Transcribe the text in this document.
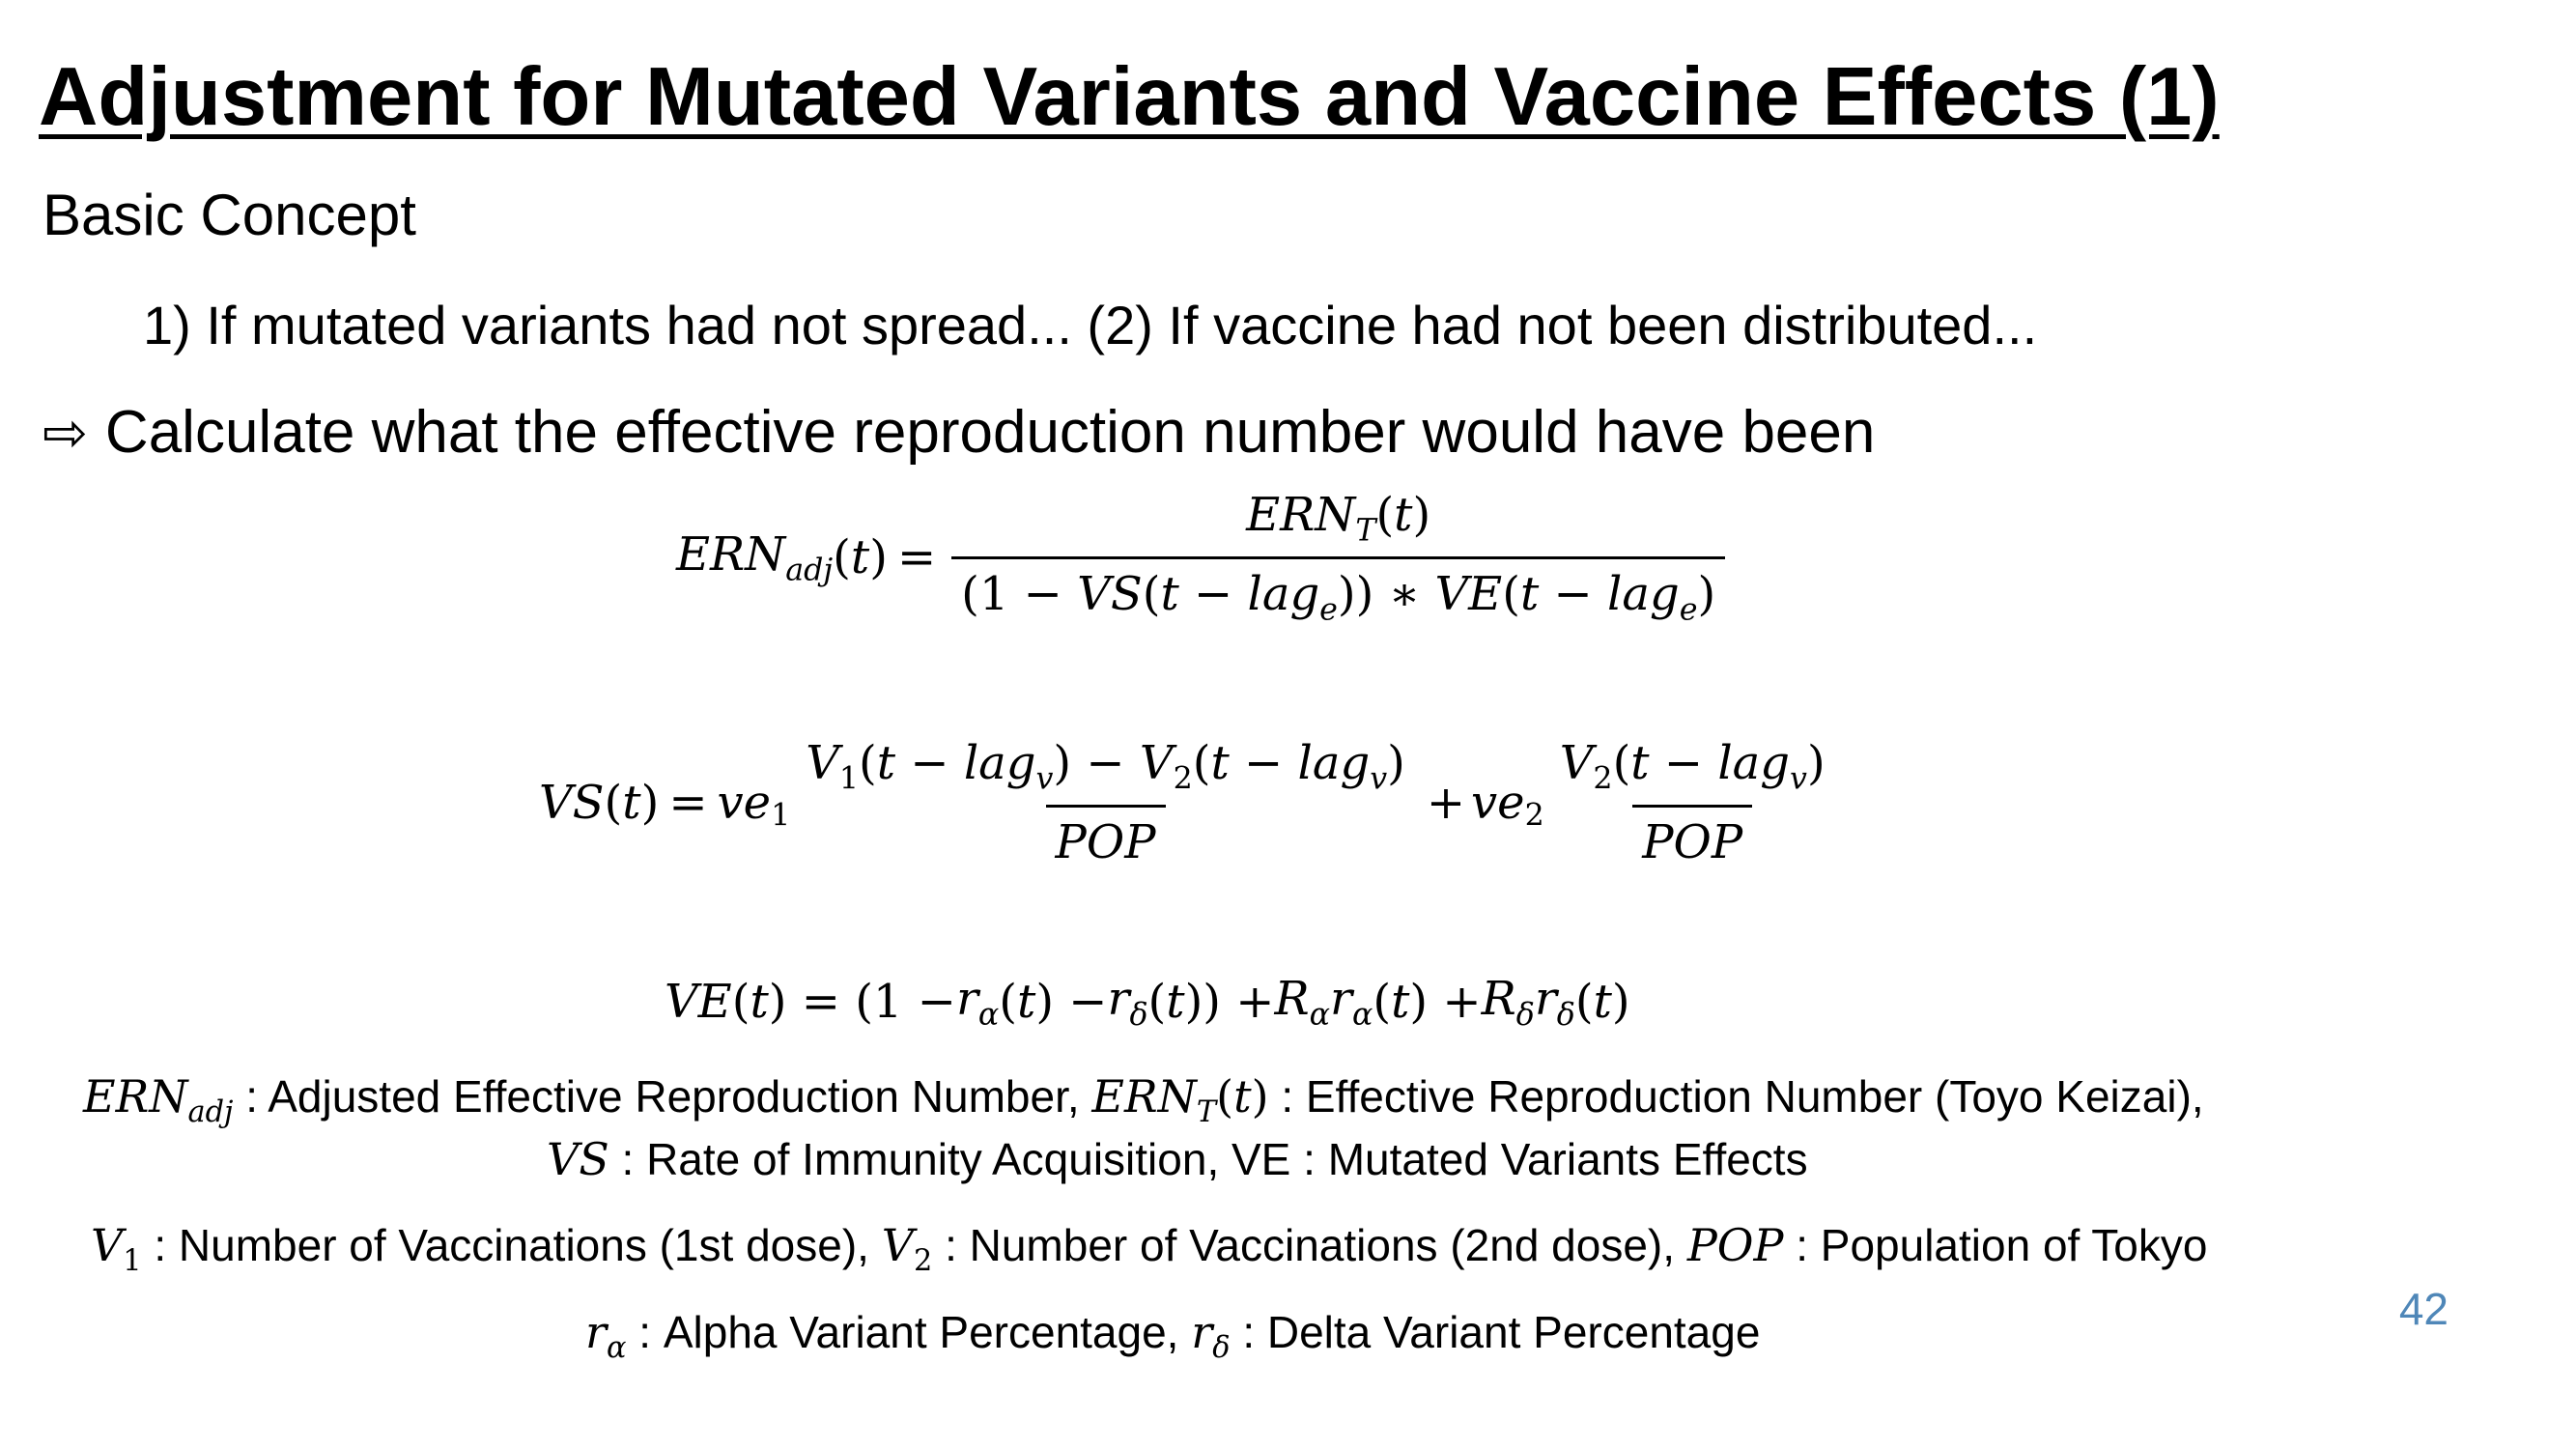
Adjustment for Mutated Variants and Vaccine Effects (1)
Basic Concept
1) If mutated variants had not spread... (2) If vaccine had not been distributed...
⇨ Calculate what the effective reproduction number would have been
$ERN_{adj}$ ( t ) = $\frac{ERN_T(t)}{(1 - VS(t - lag_e)) ∗ VE(t - lag_e)}$
VS ( t ) = ve $_1 \frac{V_1(t - lag_v) - V_2(t - lag_v)}{\text{POP}}$ + ve $_2 \frac{V_2(t - lag_v)}{\text{POP}}$
VE ( t ) = ($1 - r_\alpha$ ( t ) − $r_\delta$ ( t )) + $R_\alpha r_\alpha$ ( t ) + $R_\delta r_\delta$ ( t )
$ERN_{adj}$ : Adjusted Effective Reproduction Number, $ERN_T(t)$ : Effective Reproduction Number (Toyo Keizai),
VS : Rate of Immunity Acquisition, VE : Mutated Variants Effects
$V_1$ : Number of Vaccinations (1st dose), $V_2$ : Number of Vaccinations (2nd dose), POP : Population of Tokyo
$r_\alpha$ : Alpha Variant Percentage, $r_\delta$ : Delta Variant Percentage	42
